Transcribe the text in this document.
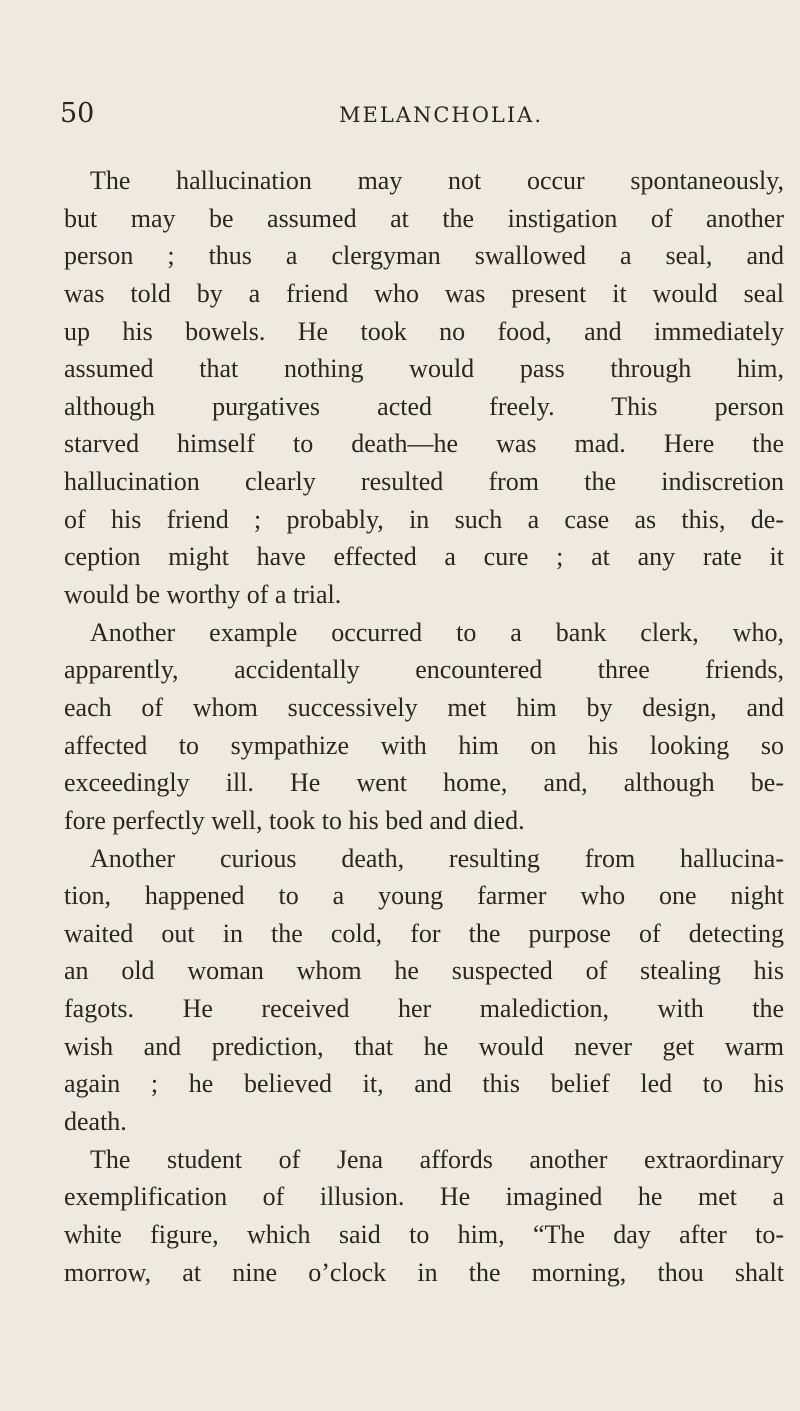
50	MELANCHOLIA.
The hallucination may not occur spontaneously,
but may be assumed at the instigation of another
person ; thus a clergyman swallowed a seal, and
was told by a friend who was present it would seal
up his bowels. He took no food, and immediately
assumed that nothing would pass through him,
although purgatives acted freely. This person
starved himself to death—he was mad. Here the
hallucination clearly resulted from the indiscretion
of his friend ; probably, in such a case as this, de-
ception might have effected a cure ; at any rate it
would be worthy of a trial.
Another example occurred to a bank clerk, who,
apparently, accidentally encountered three friends,
each of whom successively met him by design, and
affected to sympathize with him on his looking so
exceedingly ill. He went home, and, although be-
fore perfectly well, took to his bed and died.
Another curious death, resulting from hallucina-
tion, happened to a young farmer who one night
waited out in the cold, for the purpose of detecting
an old woman whom he suspected of stealing his
fagots. He received her malediction, with the
wish and prediction, that he would never get warm
again ; he believed it, and this belief led to his
death.
The student of Jena affords another extraordinary
exemplification of illusion. He imagined he met a
white figure, which said to him, “The day after to-
morrow, at nine o’clock in the morning, thou shalt
